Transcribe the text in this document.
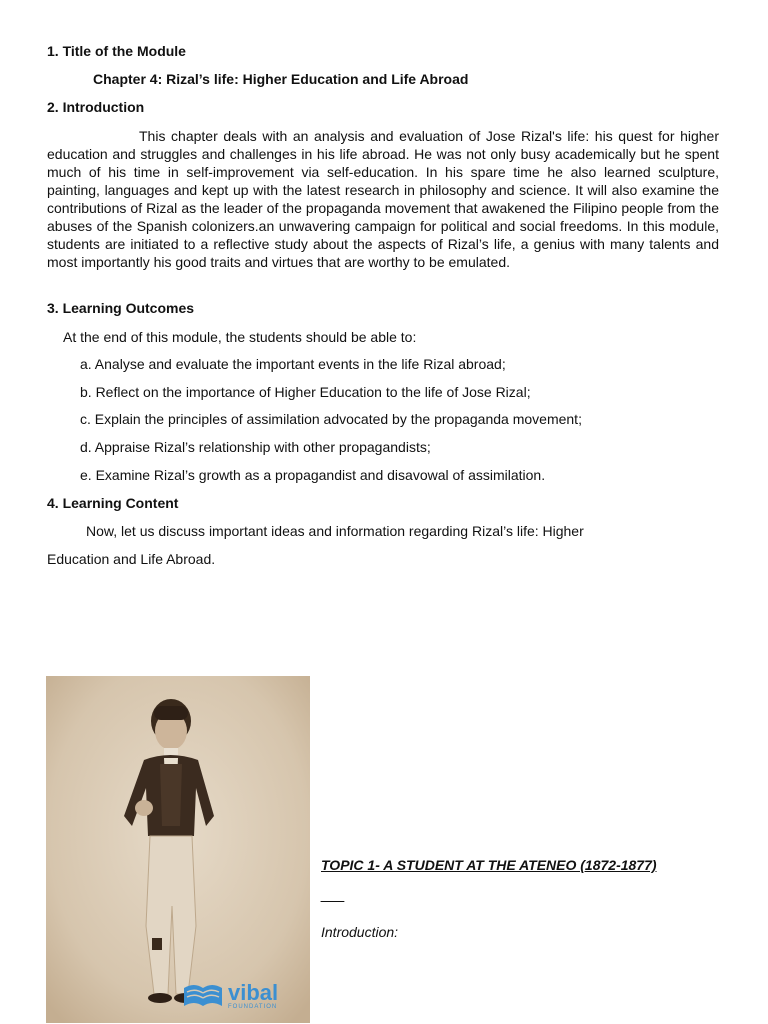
1. Title of the Module
Chapter 4: Rizal’s life: Higher Education and Life Abroad
2. Introduction
This chapter deals with an analysis and evaluation of Jose Rizal's life: his quest for higher education and struggles and challenges in his life abroad. He was not only busy academically but he spent much of his time in self-improvement via self-education. In his spare time he also learned sculpture, painting, languages and kept up with the latest research in philosophy and science. It will also examine the contributions of Rizal as the leader of the propaganda movement that awakened the Filipino people from the abuses of the Spanish colonizers.an unwavering campaign for political and social freedoms. In this module, students are initiated to a reflective study about the aspects of Rizal’s life, a genius with many talents and most importantly his good traits and virtues that are worthy to be emulated.
3. Learning Outcomes
At the end of this module, the students should be able to:
a. Analyse and evaluate the important events in the life Rizal abroad;
b. Reflect on the importance of Higher Education to the life of Jose Rizal;
c. Explain the principles of assimilation advocated by the propaganda movement;
d. Appraise Rizal’s relationship with other propagandists;
e. Examine Rizal’s growth as a propagandist and disavowal of assimilation.
4. Learning Content
Now, let us discuss important ideas and information regarding Rizal’s life: Higher
Education and Life Abroad.
vibal
FOUNDATION
TOPIC 1- A STUDENT AT THE ATENEO (1872-1877)
___
Introduction:
